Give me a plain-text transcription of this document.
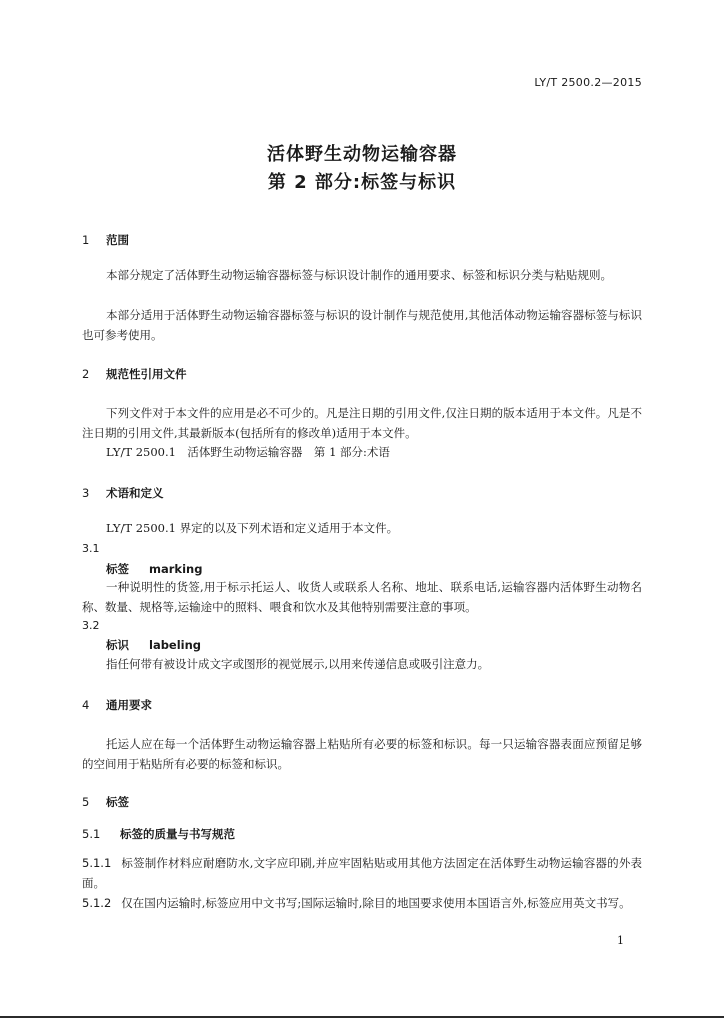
LY/T 2500.2—2015
活体野生动物运输容器
第 2 部分:标签与标识
1 范围
本部分规定了活体野生动物运输容器标签与标识设计制作的通用要求、标签和标识分类与粘贴规则。
本部分适用于活体野生动物运输容器标签与标识的设计制作与规范使用,其他活体动物运输容器标签与标识也可参考使用。
2 规范性引用文件
下列文件对于本文件的应用是必不可少的。凡是注日期的引用文件,仅注日期的版本适用于本文件。凡是不注日期的引用文件,其最新版本(包括所有的修改单)适用于本文件。
LY/T 2500.1　活体野生动物运输容器　第 1 部分:术语
3 术语和定义
LY/T 2500.1 界定的以及下列术语和定义适用于本文件。
3.1
标签 marking
一种说明性的货签,用于标示托运人、收货人或联系人名称、地址、联系电话,运输容器内活体野生动物名称、数量、规格等,运输途中的照料、喂食和饮水及其他特别需要注意的事项。
3.2
标识 labeling
指任何带有被设计成文字或图形的视觉展示,以用来传递信息或吸引注意力。
4 通用要求
托运人应在每一个活体野生动物运输容器上粘贴所有必要的标签和标识。每一只运输容器表面应预留足够的空间用于粘贴所有必要的标签和标识。
5 标签
5.1 标签的质量与书写规范
5.1.1 标签制作材料应耐磨防水,文字应印刷,并应牢固粘贴或用其他方法固定在活体野生动物运输容器的外表面。
5.1.2 仅在国内运输时,标签应用中文书写;国际运输时,除目的地国要求使用本国语言外,标签应用英文书写。
1
